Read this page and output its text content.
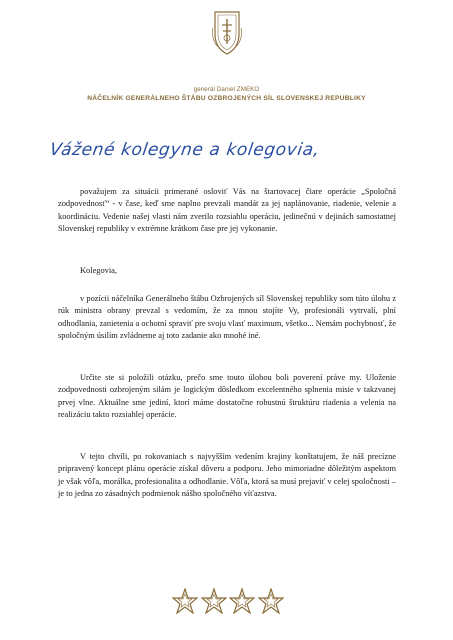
generál Daniel ZMEKO
NÁČELNÍK GENERÁLNEHO ŠTÁBU OZBROJENÝCH SÍL SLOVENSKEJ REPUBLIKY
Vážené kolegyne a kolegovia,

považujem za situácii primerané osloviť Vás na štartovacej čiare operácie „Spoločná zodpovednosť“ - v čase, keď sme naplno prevzali mandát za jej naplánovanie, riadenie, velenie a koordináciu. Vedenie našej vlasti nám zverilo rozsiahlu operáciu, jedinečnú v dejinách samostatnej Slovenskej republiky v extrémne krátkom čase pre jej vykonanie.

Kolegovia,

v pozícii náčelníka Generálneho štábu Ozbrojených síl Slovenskej republiky som túto úlohu z rúk ministra obrany prevzal s vedomím, že za mnou stojíte Vy, profesionáli vytrvalí, plní odhodlania, zanietenia a ochotní spraviť pre svoju vlasť maximum, všetko... Nemám pochybnosť, že spoločným úsilím zvládneme aj toto zadanie ako mnohé iné.

Určite ste si položili otázku, prečo sme touto úlohou boli poverení práve my. Uloženie zodpovednosti ozbrojeným silám je logickým dôsledkom excelentného splnenia misie v takzvanej prvej vlne. Aktuálne sme jediní, ktorí máme dostatočne robustnú štruktúru riadenia a velenia na realizáciu takto rozsiahlej operácie.

V tejto chvíli, po rokovaniach s najvyšším vedením krajiny konštatujem, že náš precízne pripravený koncept plánu operácie získal dôveru a podporu. Jeho mimoriadne dôležitým aspektom je však vôľa, morálka, profesionalita a odhodlanie. Vôľa, ktorá sa musí prejaviť v celej spoločnosti – je to jedna zo zásadných podmienok nášho spoločného víťazstva.
